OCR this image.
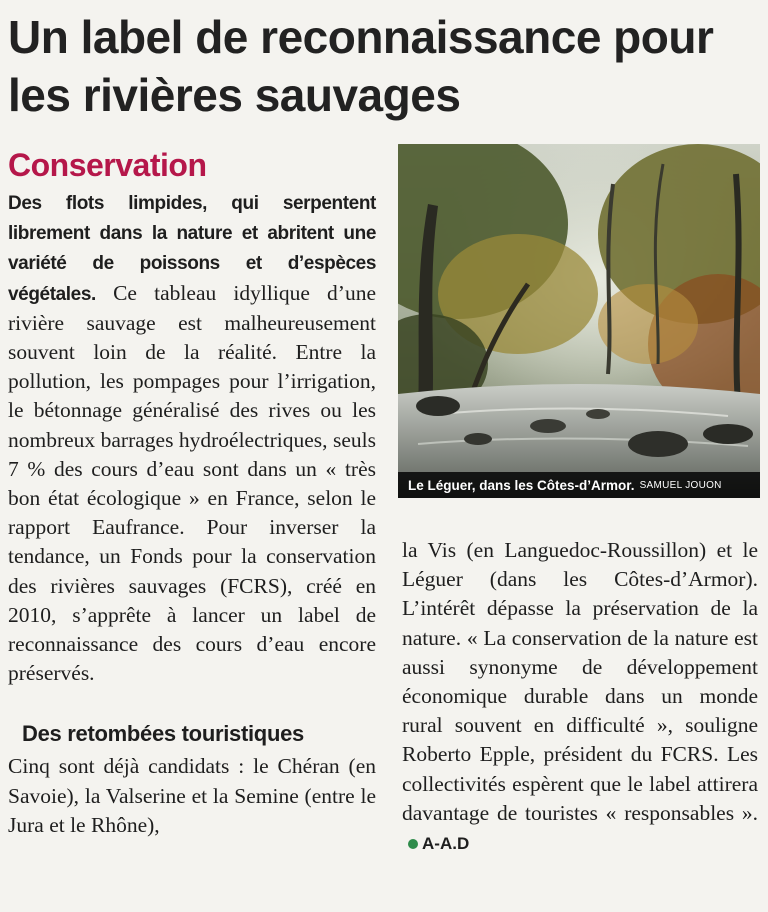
Un label de reconnaissance pour les rivières sauvages
Conservation

Des flots limpides, qui serpentent librement dans la nature et abritent une variété de poissons et d’espèces végétales. Ce tableau idyllique d’une rivière sauvage est malheureusement souvent loin de la réalité. Entre la pollution, les pompages pour l’irrigation, le bétonnage généralisé des rives ou les nombreux barrages hydroélectriques, seuls 7 % des cours d’eau sont dans un « très bon état écologique » en France, selon le rapport Eaufrance. Pour inverser la tendance, un Fonds pour la conservation des rivières sauvages (FCRS), créé en 2010, s’apprête à lancer un label de reconnaissance des cours d’eau encore préservés.

Des retombées touristiques

Cinq sont déjà candidats : le Chéran (en Savoie), la Valserine et la Semine (entre le Jura et le Rhône),

Le Léguer, dans les Côtes-d’Armor. SAMUEL JOUON

la Vis (en Languedoc-Roussillon) et le Léguer (dans les Côtes-d’Armor). L’intérêt dépasse la préservation de la nature. « La conservation de la nature est aussi synonyme de développement économique durable dans un monde rural souvent en difficulté », souligne Roberto Epple, président du FCRS. Les collectivités espèrent que le label attirera davantage de touristes « responsables ».A-A.D
